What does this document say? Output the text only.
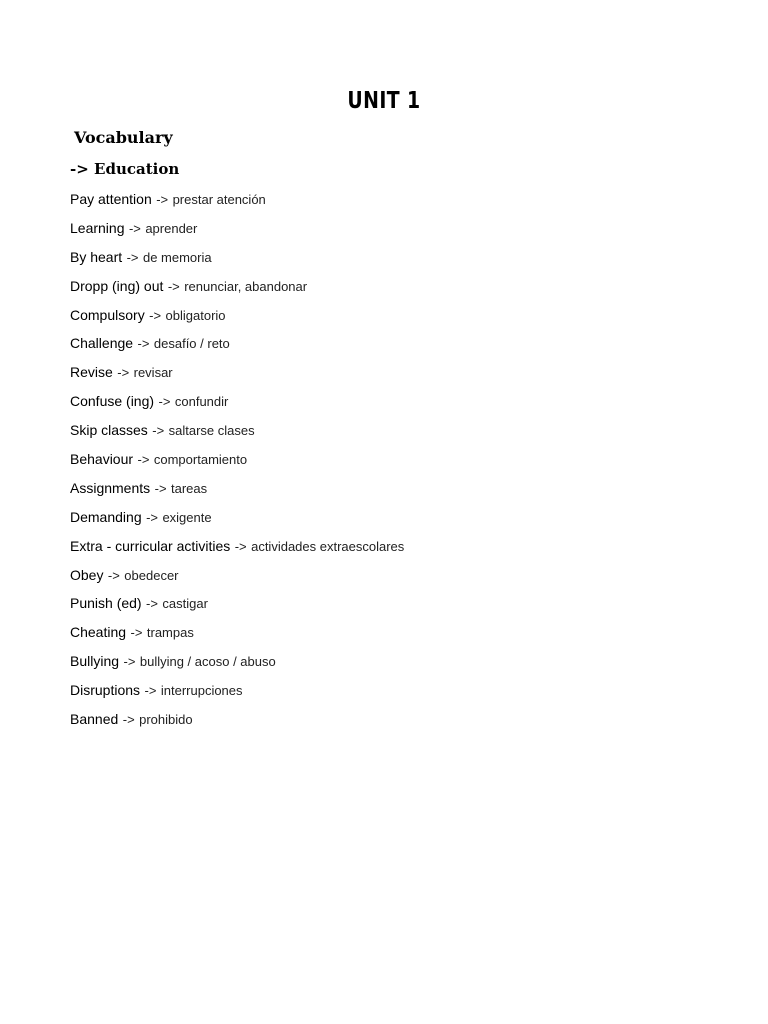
UNIT 1
Vocabulary
-> Education
Pay attention -> prestar atención
Learning -> aprender
By heart -> de memoria
Dropp (ing) out -> renunciar, abandonar
Compulsory -> obligatorio
Challenge -> desafío / reto
Revise -> revisar
Confuse (ing) -> confundir
Skip classes -> saltarse clases
Behaviour -> comportamiento
Assignments -> tareas
Demanding -> exigente
Extra - curricular activities -> actividades extraescolares
Obey -> obedecer
Punish (ed) -> castigar
Cheating -> trampas
Bullying -> bullying / acoso / abuso
Disruptions -> interrupciones
Banned -> prohibido
